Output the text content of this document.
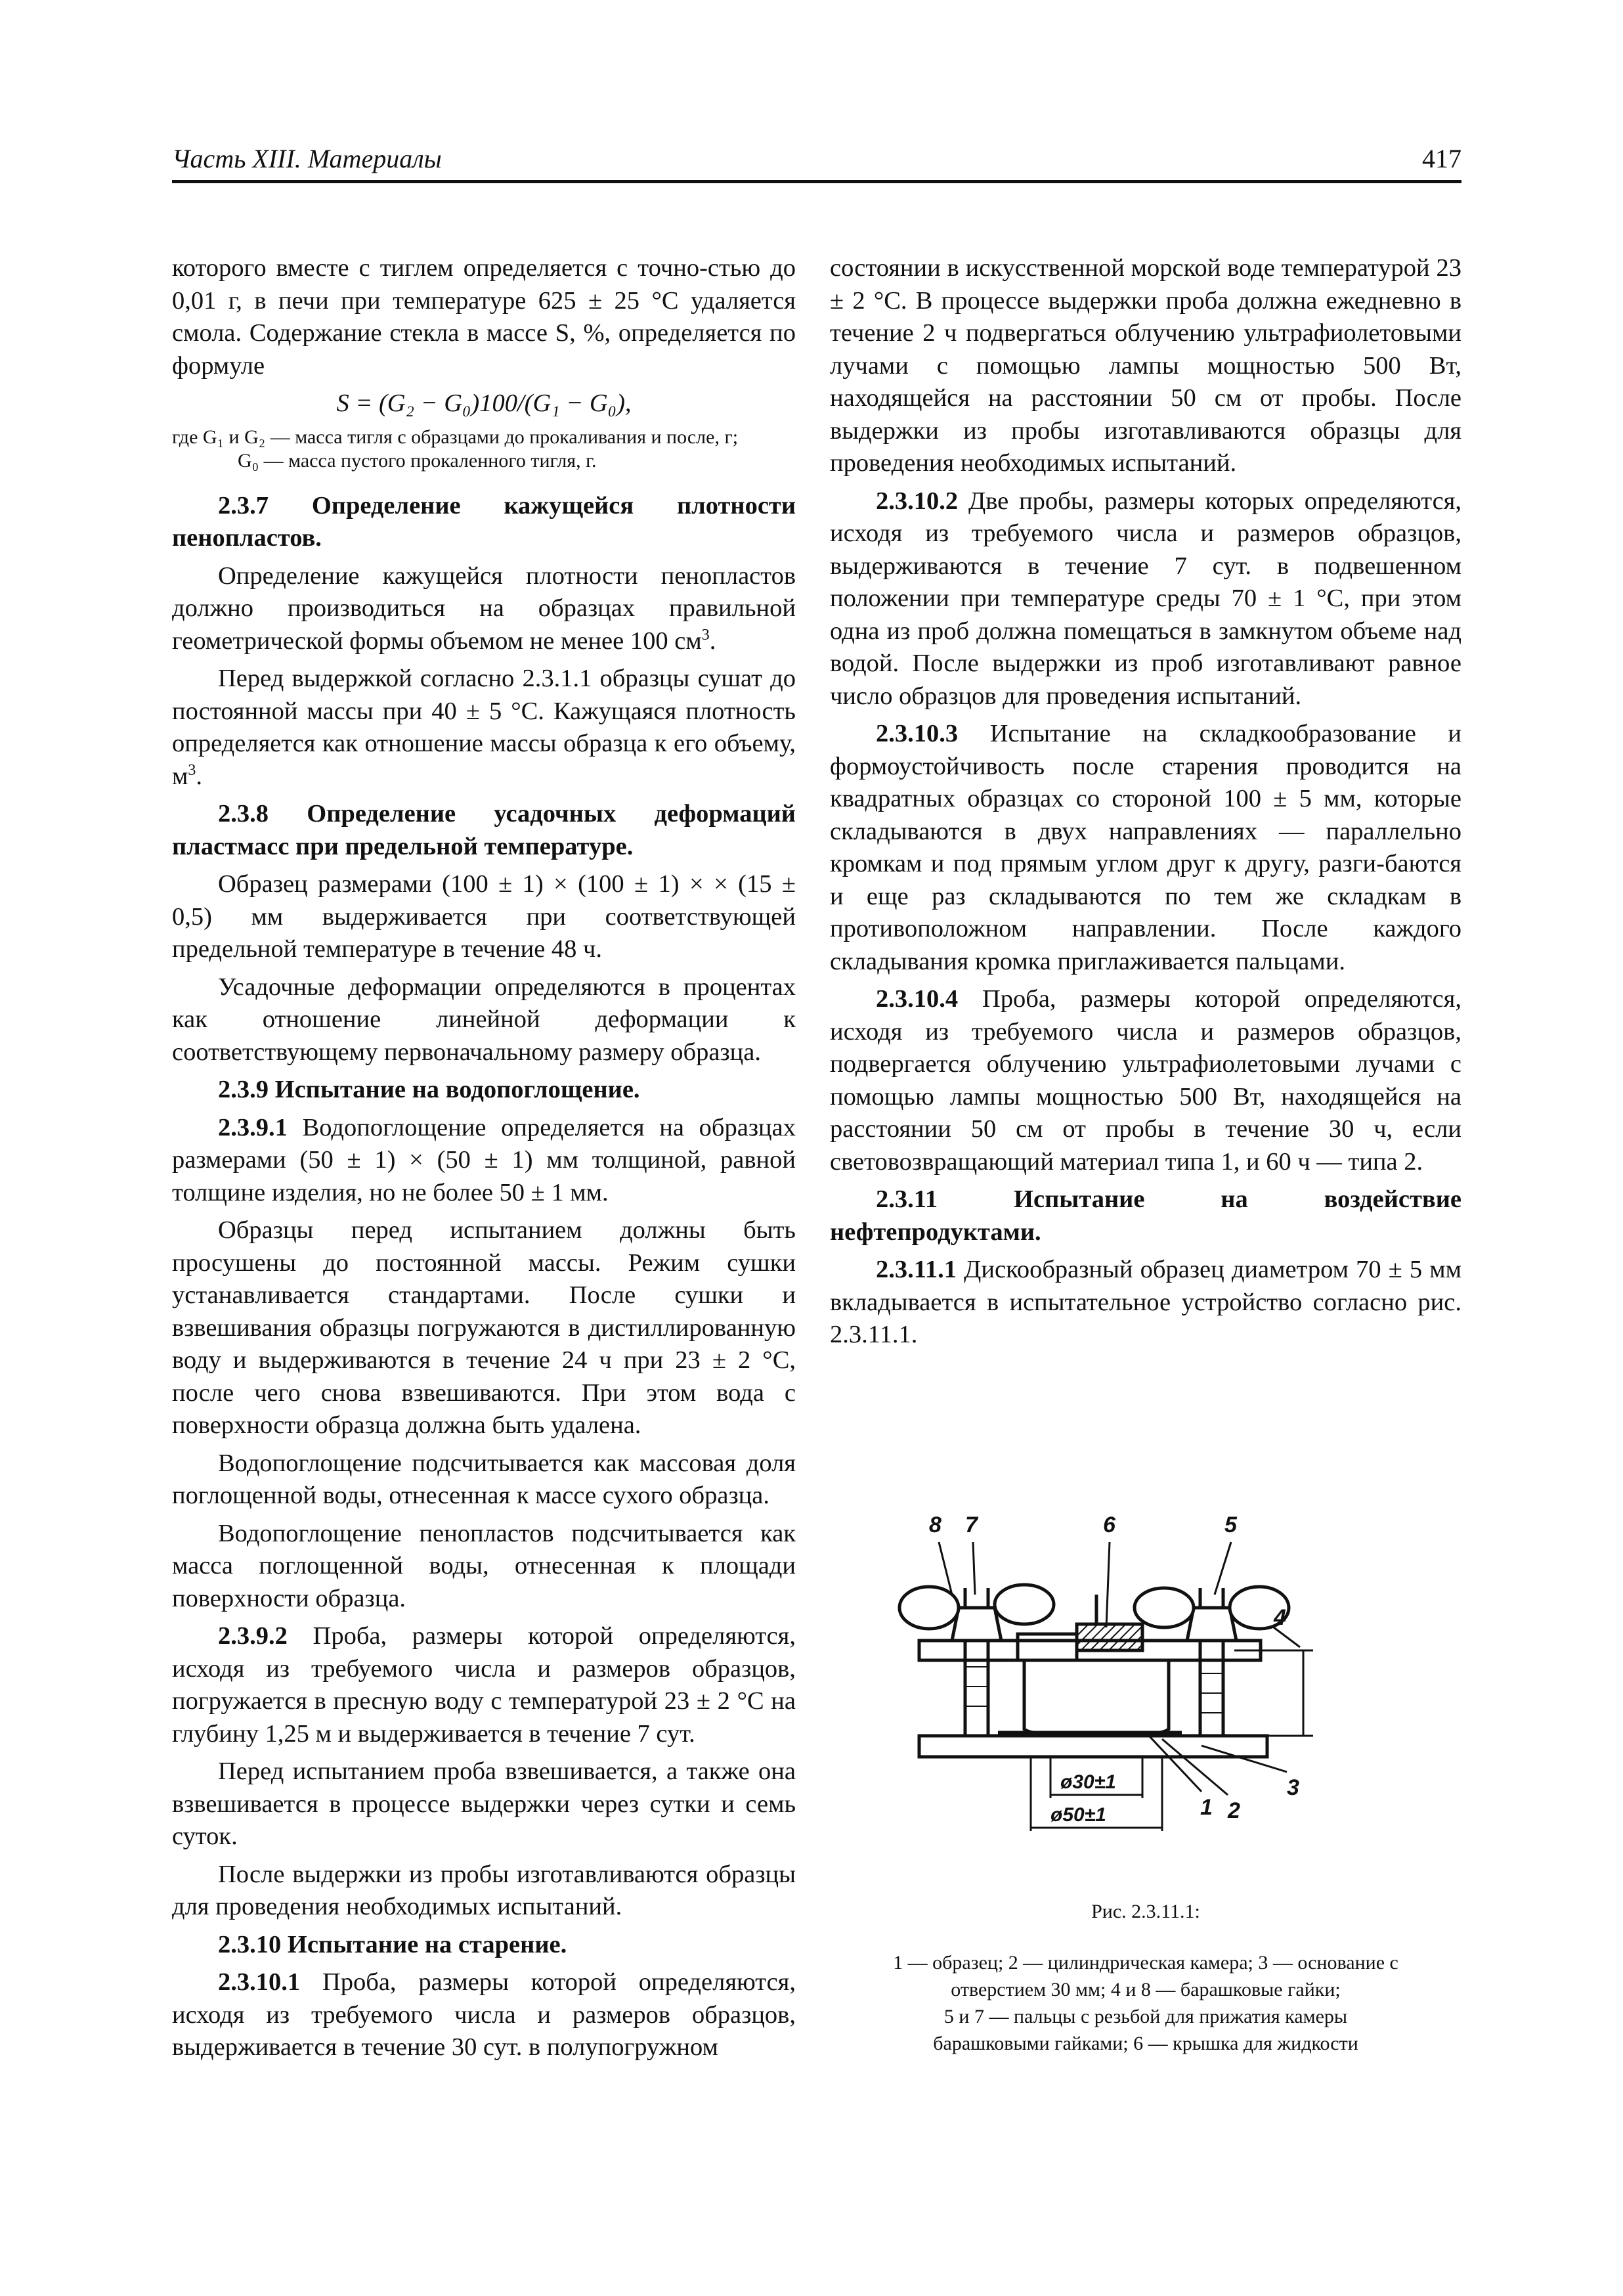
Часть XIII. Материалы	417

которого вместе с тиглем определяется с точно-стью до 0,01 г, в печи при температуре 625 ± 25 °С удаляется смола. Содержание стекла в массе S, %, определяется по формуле

S = (G₂ − G₀)100/(G₁ − G₀),

где G₁ и G₂ — масса тигля с образцами до прокаливания и после, г;
G₀ — масса пустого прокаленного тигля, г.

2.3.7 Определение кажущейся плотности пенопластов.

Определение кажущейся плотности пенопластов должно производиться на образцах правильной геометрической формы объемом не менее 100 $см^3$.

Перед выдержкой согласно 2.3.1.1 образцы сушат до постоянной массы при 40 ± 5 °С. Кажущаяся плотность определяется как отношение массы образца к его объему, $м^3$.

2.3.8 Определение усадочных деформаций пластмасс при предельной температуре.

Образец размерами (100 ± 1) × (100 ± 1) × × (15 ± 0,5) мм выдерживается при соответствующей предельной температуре в течение 48 ч.

Усадочные деформации определяются в процентах как отношение линейной деформации к соответствующему первоначальному размеру образца.

2.3.9 Испытание на водопоглощение.

2.3.9.1 Водопоглощение определяется на образцах размерами (50 ± 1) × (50 ± 1) мм толщиной, равной толщине изделия, но не более 50 ± 1 мм.

Образцы перед испытанием должны быть просушены до постоянной массы. Режим сушки устанавливается стандартами. После сушки и взвешивания образцы погружаются в дистиллированную воду и выдерживаются в течение 24 ч при 23 ± 2 °С, после чего снова взвешиваются. При этом вода с поверхности образца должна быть удалена.

Водопоглощение подсчитывается как массовая доля поглощенной воды, отнесенная к массе сухого образца.

Водопоглощение пенопластов подсчитывается как масса поглощенной воды, отнесенная к площади поверхности образца.

2.3.9.2 Проба, размеры которой определяются, исходя из требуемого числа и размеров образцов, погружается в пресную воду с температурой 23 ± 2 °С на глубину 1,25 м и выдерживается в течение 7 сут.

Перед испытанием проба взвешивается, а также она взвешивается в процессе выдержки через сутки и семь суток.

После выдержки из пробы изготавливаются образцы для проведения необходимых испытаний.

2.3.10 Испытание на старение.

2.3.10.1 Проба, размеры которой определяются, исходя из требуемого числа и размеров образцов, выдерживается в течение 30 сут. в полупогружном

состоянии в искусственной морской воде температурой 23 ± 2 °С. В процессе выдержки проба должна ежедневно в течение 2 ч подвергаться облучению ультрафиолетовыми лучами с помощью лампы мощностью 500 Вт, находящейся на расстоянии 50 см от пробы. После выдержки из пробы изготавливаются образцы для проведения необходимых испытаний.

2.3.10.2 Две пробы, размеры которых определяются, исходя из требуемого числа и размеров образцов, выдерживаются в течение 7 сут. в подвешенном положении при температуре среды 70 ± 1 °С, при этом одна из проб должна помещаться в замкнутом объеме над водой. После выдержки из проб изготавливают равное число образцов для проведения испытаний.

2.3.10.3 Испытание на складкообразование и формоустойчивость после старения проводится на квадратных образцах со стороной 100 ± 5 мм, которые складываются в двух направлениях — параллельно кромкам и под прямым углом друг к другу, разги-баются и еще раз складываются по тем же складкам в противоположном направлении. После каждого складывания кромка приглаживается пальцами.

2.3.10.4 Проба, размеры которой определяются, исходя из требуемого числа и размеров образцов, подвергается облучению ультрафиолетовыми лучами с помощью лампы мощностью 500 Вт, находящейся на расстоянии 50 см от пробы в течение 30 ч, если световозвращающий материал типа 1, и 60 ч — типа 2.

2.3.11	Испытание на воздействие нефтепродуктами.

2.3.11.1 Дискообразный образец диаметром 70 ± 5 мм вкладывается в испытательное устройство согласно рис. 2.3.11.1.

8 7	6	5
4
3
2
1
ø30±1
ø50±1
Рис. 2.3.11.1:
1 — образец; 2 — цилиндрическая камера; 3 — основание с
отверстием 30 мм; 4 и 8 — барашковые гайки;
5 и 7 — пальцы с резьбой для прижатия камеры
барашковыми гайками; 6 — крышка для жидкости
